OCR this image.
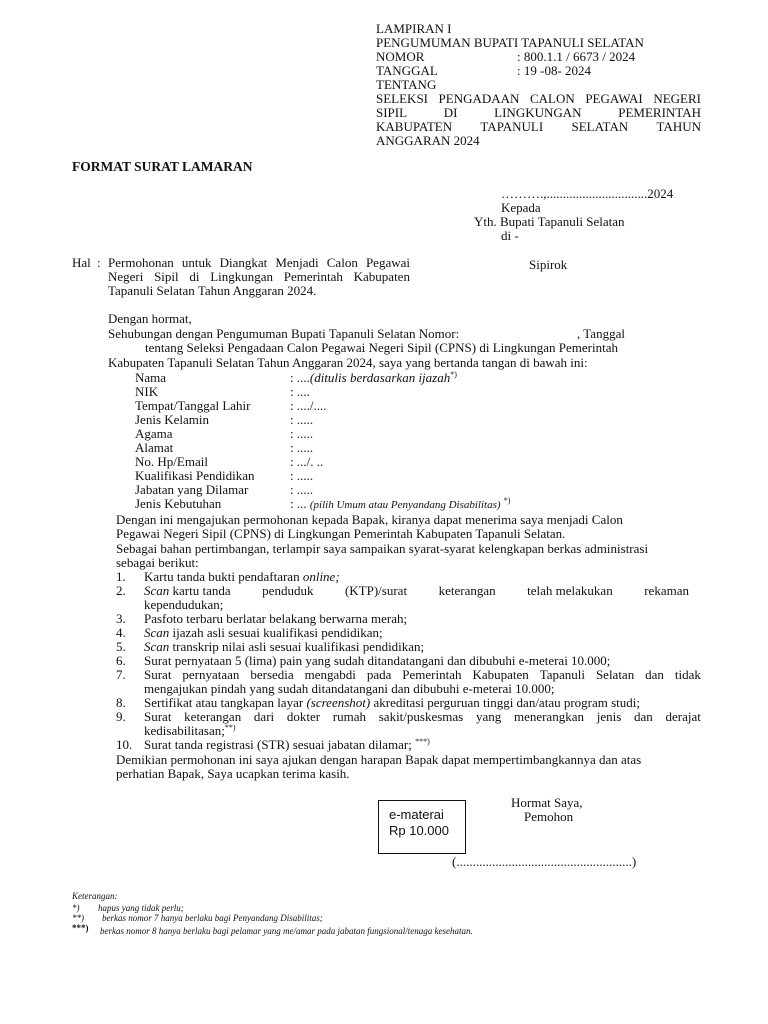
LAMPIRAN I
PENGUMUMAN BUPATI TAPANULI SELATAN
NOMOR	: 800.1.1 / 6673 / 2024
TANGGAL	: 19 -08- 2024
TENTANG
SELEKSI PENGADAAN CALON PEGAWAI NEGERI
SIPIL	DI	LINGKUNGAN	PEMERINTAH
KABUPATEN TAPANULI SELATAN TAHUN
ANGGARAN 2024
FORMAT SURAT LAMARAN
……….,...............................2024
Kepada
Yth. Bupati Tapanuli Selatan
di -
Sipirok
Hal : Permohonan untuk Diangkat Menjadi Calon Pegawai
Negeri Sipil di Lingkungan Pemerintah Kabupaten
Tapanuli Selatan Tahun Anggaran 2024.
Dengan hormat,
Sehubungan dengan Pengumuman Bupati Tapanuli Selatan Nomor:	, Tanggal
tentang Seleksi Pengadaan Calon Pegawai Negeri Sipil (CPNS) di Lingkungan Pemerintah
Kabupaten Tapanuli Selatan Tahun Anggaran 2024, saya yang bertanda tangan di bawah ini:
Nama	: ....(ditulis berdasarkan ijazah*)
NIK	: ....
Tempat/Tanggal Lahir	: ..../....
Jenis Kelamin	: .....
Agama	: .....
Alamat	: .....
No. Hp/Email	: .../. ..
Kualifikasi Pendidikan	: .....
Jabatan yang Dilamar	: .....
Jenis Kebutuhan	: ... (pilih Umum atau Penyandang Disabilitas) *)
Dengan ini mengajukan permohonan kepada Bapak, kiranya dapat menerima saya menjadi Calon
Pegawai Negeri Sipil (CPNS) di Lingkungan Pemerintah Kabupaten Tapanuli Selatan.
Sebagai bahan pertimbangan, terlampir saya sampaikan syarat-syarat kelengkapan berkas administrasi
sebagai berikut:
1. Kartu tanda bukti pendaftaran online;
2. Scan kartu tanda penduduk (KTP)/surat keterangan telah melakukan rekaman
kependudukan;
3. Pasfoto terbaru berlatar belakang berwarna merah;
4. Scan ijazah asli sesuai kualifikasi pendidikan;
5. Scan transkrip nilai asli sesuai kualifikasi pendidikan;
6. Surat pernyataan 5 (lima) pain yang sudah ditandatangani dan dibubuhi e-meterai 10.000;
7. Surat pernyataan bersedia mengabdi pada Pemerintah Kabupaten Tapanuli Selatan dan tidak
mengajukan pindah yang sudah ditandatangani dan dibubuhi e-meterai 10.000;
8. Sertifikat atau tangkapan layar (screenshot) akreditasi perguruan tinggi dan/atau program studi;
9. Surat keterangan dari dokter rumah sakit/puskesmas yang menerangkan jenis dan derajat
kedisabilitasan;**)
10. Surat tanda registrasi (STR) sesuai jabatan dilamar; ***)
Demikian permohonan ini saya ajukan dengan harapan Bapak dapat mempertimbangkannya dan atas
perhatian Bapak, Saya ucapkan terima kasih.
Hormat Saya,
Pemohon
e-materai
Rp 10.000
(......................................................)
Keterangan:
*) hapus yang tidak perlu;
**) berkas nomor 7 hanya berlaku bagi Penyandang Disabilitas;
***) berkas nomor 8 hanya berlaku bagi pelamar yang me/amar pada jabatan fungsional/tenaga kesehatan.
